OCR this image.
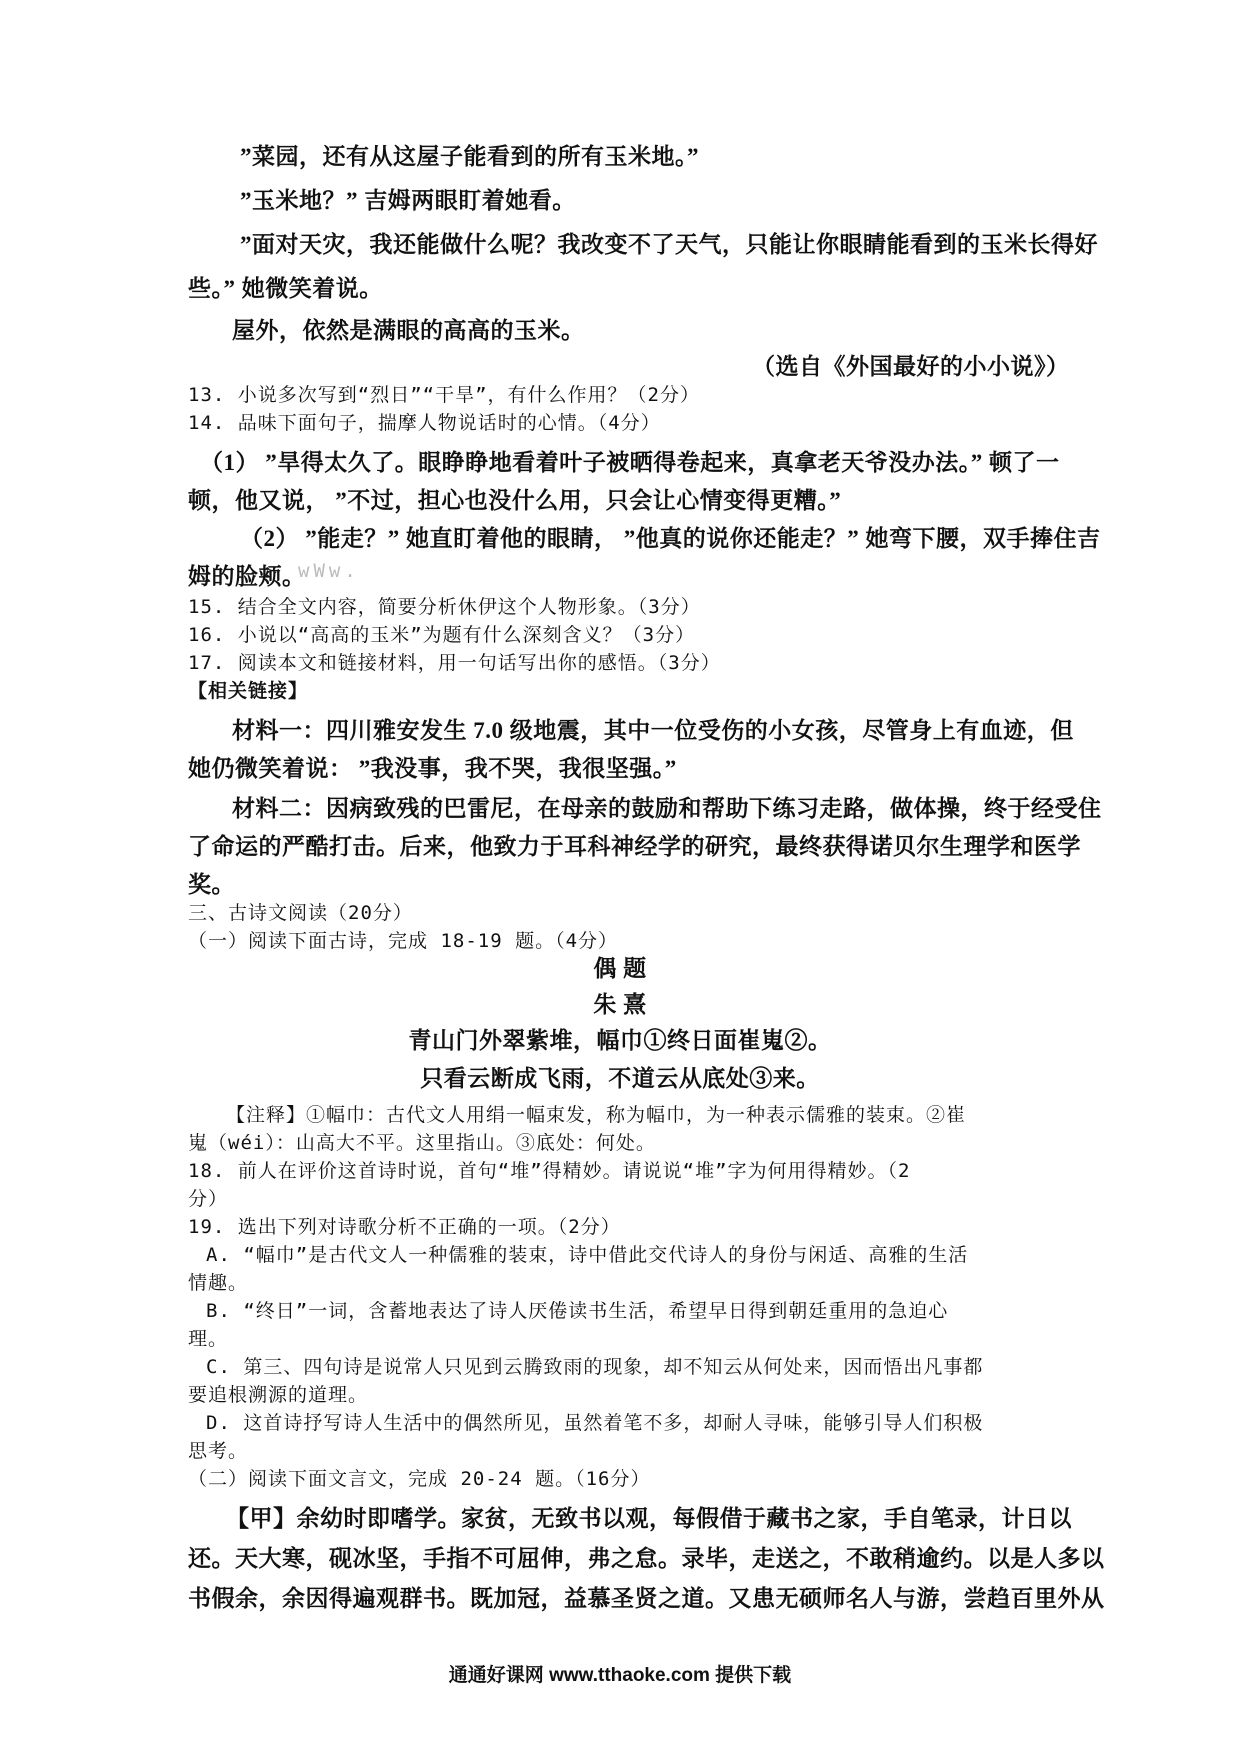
”菜园，还有从这屋子能看到的所有玉米地。”
”玉米地？” 吉姆两眼盯着她看。
”面对天灾，我还能做什么呢？我改变不了天气，只能让你眼睛能看到的玉米长得好
些。” 她微笑着说。
屋外，依然是满眼的高高的玉米。
（选自《外国最好的小小说》）
13. 小说多次写到“烈日”“干旱”，有什么作用？（2分）
14. 品味下面句子，揣摩人物说话时的心情。（4分）
（1） ”旱得太久了。眼睁睁地看着叶子被晒得卷起来，真拿老天爷没办法。” 顿了一
顿，他又说， ”不过，担心也没什么用，只会让心情变得更糟。”
（2） ”能走？” 她直盯着他的眼睛， ”他真的说你还能走？” 她弯下腰，双手捧住吉
姆的脸颊。
wWw.
15. 结合全文内容，简要分析休伊这个人物形象。（3分）
16. 小说以“高高的玉米”为题有什么深刻含义？（3分）
17. 阅读本文和链接材料，用一句话写出你的感悟。（3分）
【相关链接】
材料一：四川雅安发生 7.0 级地震，其中一位受伤的小女孩，尽管身上有血迹，但
她仍微笑着说： ”我没事，我不哭，我很坚强。”
材料二：因病致残的巴雷尼，在母亲的鼓励和帮助下练习走路，做体操，终于经受住
了命运的严酷打击。后来，他致力于耳科神经学的研究，最终获得诺贝尔生理学和医学
奖。
三、古诗文阅读（20分）
（一）阅读下面古诗，完成 18-19 题。（4分）
偶 题
朱 熹
青山门外翠紫堆，幅巾①终日面崔嵬②。
只看云断成飞雨，不道云从底处③来。
【注释】①幅巾：古代文人用绢一幅束发，称为幅巾，为一种表示儒雅的装束。②崔
嵬（wéi）：山高大不平。这里指山。③底处：何处。
18. 前人在评价这首诗时说，首句“堆”得精妙。请说说“堆”字为何用得精妙。（2
分）
19. 选出下列对诗歌分析不正确的一项。（2分）
A. “幅巾”是古代文人一种儒雅的装束，诗中借此交代诗人的身份与闲适、高雅的生活
情趣。
B. “终日”一词，含蓄地表达了诗人厌倦读书生活，希望早日得到朝廷重用的急迫心
理。
C. 第三、四句诗是说常人只见到云腾致雨的现象，却不知云从何处来，因而悟出凡事都
要追根溯源的道理。
D. 这首诗抒写诗人生活中的偶然所见，虽然着笔不多，却耐人寻味，能够引导人们积极
思考。
（二）阅读下面文言文，完成 20-24 题。（16分）
【甲】余幼时即嗜学。家贫，无致书以观，每假借于藏书之家，手自笔录，计日以
还。天大寒，砚冰坚，手指不可屈伸，弗之怠。录毕，走送之，不敢稍逾约。以是人多以
书假余，余因得遍观群书。既加冠，益慕圣贤之道。又患无硕师名人与游，尝趋百里外从
通通好课网 www.tthaoke.com 提供下载
